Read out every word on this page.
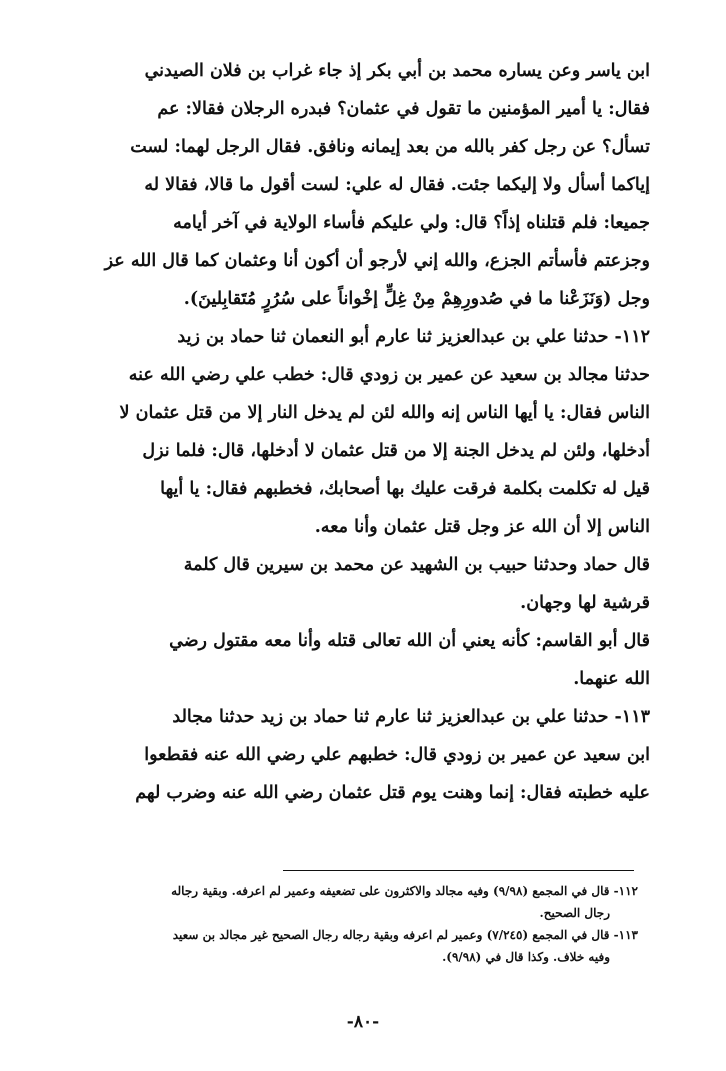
ابن ياسر وعن يساره محمد بن أبي بكر إذ جاء غراب بن فلان الصيدني

فقال: يا أمير المؤمنين ما تقول في عثمان؟ فبدره الرجلان فقالا: عم

تسأل؟ عن رجل كفر بالله من بعد إيمانه ونافق. فقال الرجل لهما: لست

إياكما أسأل ولا إليكما جئت. فقال له علي: لست أقول ما قالا، فقالا له

جميعا: فلم قتلناه إذاً؟ قال: ولي عليكم فأساء الولاية في آخر أيامه

وجزعتم فأسأتم الجزع، والله إني لأرجو أن أكون أنا وعثمان كما قال الله عز

وجل (وَنَزَعْنا ما في صُدورِهِمْ مِنْ غِلٍّ إخْواناً على سُرُرٍ مُتَقابِلينَ).

١١٢- حدثنا علي بن عبدالعزيز ثنا عارم أبو النعمان ثنا حماد بن زيد

حدثنا مجالد بن سعيد عن عمير بن زودي قال: خطب علي رضي الله عنه

الناس فقال: يا أيها الناس إنه والله لئن لم يدخل النار إلا من قتل عثمان لا

أدخلها، ولئن لم يدخل الجنة إلا من قتل عثمان لا أدخلها، قال: فلما نزل

قيل له تكلمت بكلمة فرقت عليك بها أصحابك، فخطبهم فقال: يا أيها

الناس إلا أن الله عز وجل قتل عثمان وأنا معه.

قال حماد وحدثنا حبيب بن الشهيد عن محمد بن سيرين قال كلمة

قرشية لها وجهان.

قال أبو القاسم: كأنه يعني أن الله تعالى قتله وأنا معه مقتول رضي

الله عنهما.

١١٣- حدثنا علي بن عبدالعزيز ثنا عارم ثنا حماد بن زيد حدثنا مجالد

ابن سعيد عن عمير بن زودي قال: خطبهم علي رضي الله عنه فقطعوا

عليه خطبته فقال: إنما وهنت يوم قتل عثمان رضي الله عنه وضرب لهم

١١٢- قال في المجمع (٩/٩٨) وفيه مجالد والاكثرون على تضعيفه وعمير لم اعرفه. وبقية رجاله

رجال الصحيح.

١١٣- قال في المجمع (٧/٢٤٥) وعمير لم اعرفه وبقية رجاله رجال الصحيح غير مجالد بن سعيد

وفيه خلاف. وكذا قال في (٩/٩٨).

-٨٠-
